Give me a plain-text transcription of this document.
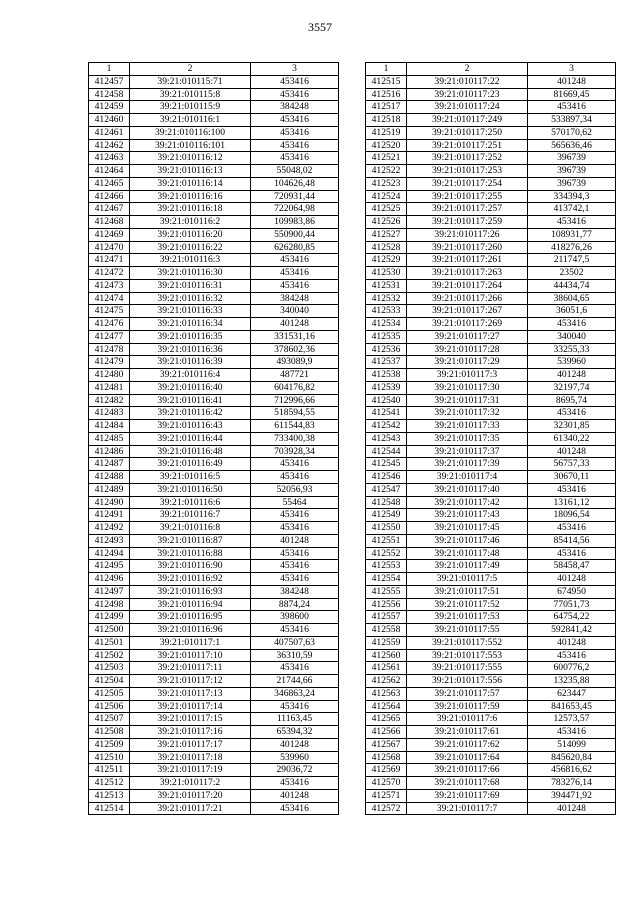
3557
1	2	3
412457	39:21:010115:71	453416
412458	39:21:010115:8	453416
412459	39:21:010115:9	384248
412460	39:21:010116:1	453416
412461	39:21:010116:100	453416
412462	39:21:010116:101	453416
412463	39:21:010116:12	453416
412464	39:21:010116:13	55048,02
412465	39:21:010116:14	104626,48
412466	39:21:010116:16	720931,44
412467	39:21:010116:18	722064,98
412468	39:21:010116:2	109983,86
412469	39:21:010116:20	550900,44
412470	39:21:010116:22	626280,85
412471	39:21:010116:3	453416
412472	39:21:010116:30	453416
412473	39:21:010116:31	453416
412474	39:21:010116:32	384248
412475	39:21:010116:33	340040
412476	39:21:010116:34	401248
412477	39:21:010116:35	331531,16
412478	39:21:010116:36	378602,36
412479	39:21:010116:39	493089,9
412480	39:21:010116:4	487721
412481	39:21:010116:40	604176,82
412482	39:21:010116:41	712996,66
412483	39:21:010116:42	518594,55
412484	39:21:010116:43	611544,83
412485	39:21:010116:44	733400,38
412486	39:21:010116:48	703928,34
412487	39:21:010116:49	453416
412488	39:21:010116:5	453416
412489	39:21:010116:50	52056,93
412490	39:21:010116:6	55464
412491	39:21:010116:7	453416
412492	39:21:010116:8	453416
412493	39:21:010116:87	401248
412494	39:21:010116:88	453416
412495	39:21:010116:90	453416
412496	39:21:010116:92	453416
412497	39:21:010116:93	384248
412498	39:21:010116:94	8874,24
412499	39:21:010116:95	398600
412500	39:21:010116:96	453416
412501	39:21:010117:1	407507,63
412502	39:21:010117:10	36310,59
412503	39:21:010117:11	453416
412504	39:21:010117:12	21744,66
412505	39:21:010117:13	346863,24
412506	39:21:010117:14	453416
412507	39:21:010117:15	11163,45
412508	39:21:010117:16	65394,32
412509	39:21:010117:17	401248
412510	39:21:010117:18	539960
412511	39:21:010117:19	29036,72
412512	39:21:010117:2	453416
412513	39:21:010117:20	401248
412514	39:21:010117:21	453416
1	2	3
412515	39:21:010117:22	401248
412516	39:21:010117:23	81669,45
412517	39:21:010117:24	453416
412518	39:21:010117:249	533897,34
412519	39:21:010117:250	570170,62
412520	39:21:010117:251	565636,46
412521	39:21:010117:252	396739
412522	39:21:010117:253	396739
412523	39:21:010117:254	396739
412524	39:21:010117:255	334394,3
412525	39:21:010117:257	413742,1
412526	39:21:010117:259	453416
412527	39:21:010117:26	108931,77
412528	39:21:010117:260	418276,26
412529	39:21:010117:261	211747,5
412530	39:21:010117:263	23502
412531	39:21:010117:264	44434,74
412532	39:21:010117:266	38604,65
412533	39:21:010117:267	36051,6
412534	39:21:010117:269	453416
412535	39:21:010117:27	340040
412536	39:21:010117:28	33255,33
412537	39:21:010117:29	539960
412538	39:21:010117:3	401248
412539	39:21:010117:30	32197,74
412540	39:21:010117:31	8695,74
412541	39:21:010117:32	453416
412542	39:21:010117:33	32301,85
412543	39:21:010117:35	61340,22
412544	39:21:010117:37	401248
412545	39:21:010117:39	56757,33
412546	39:21:010117:4	30670,11
412547	39:21:010117:40	453416
412548	39:21:010117:42	13161,12
412549	39:21:010117:43	18096,54
412550	39:21:010117:45	453416
412551	39:21:010117:46	85414,56
412552	39:21:010117:48	453416
412553	39:21:010117:49	58458,47
412554	39:21:010117:5	401248
412555	39:21:010117:51	674950
412556	39:21:010117:52	77051,73
412557	39:21:010117:53	64754,22
412558	39:21:010117:55	592841,42
412559	39:21:010117:552	401248
412560	39:21:010117:553	453416
412561	39:21:010117:555	600776,2
412562	39:21:010117:556	13235,88
412563	39:21:010117:57	623447
412564	39:21:010117:59	841653,45
412565	39:21:010117:6	12573,57
412566	39:21:010117:61	453416
412567	39:21:010117:62	514099
412568	39:21:010117:64	845620,84
412569	39:21:010117:66	456816,62
412570	39:21:010117:68	783276,14
412571	39:21:010117:69	394471,92
412572	39:21:010117:7	401248
